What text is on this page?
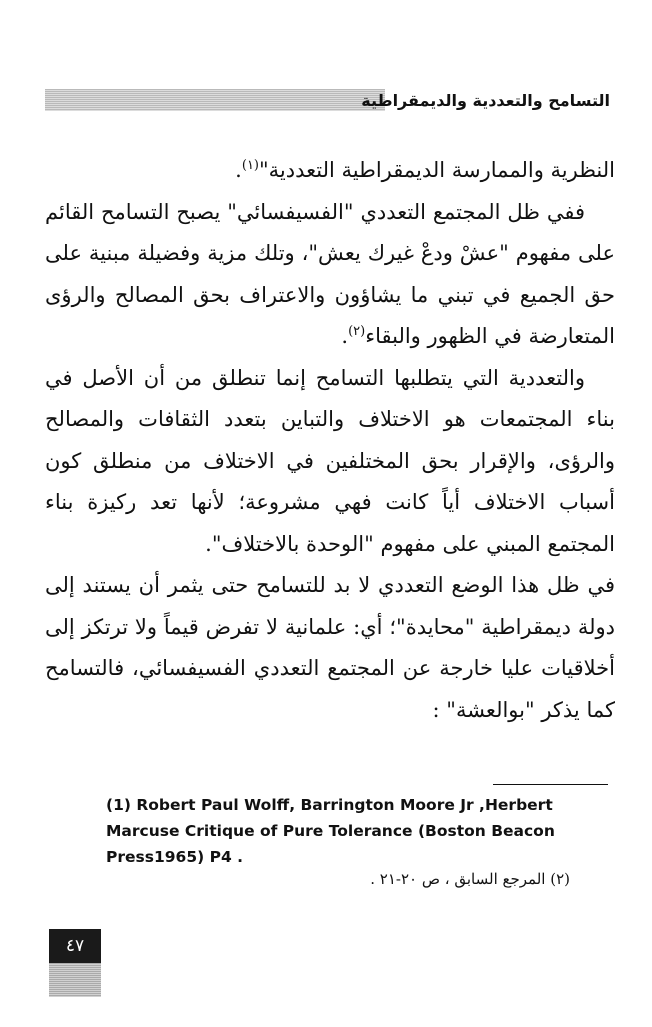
التسامح والتعددية والديمقراطية

النظرية والممارسة الديمقراطية التعددية"$^{(١)}$.

ففي ظل المجتمع التعددي "الفسيفسائي" يصبح التسامح القائم على مفهوم "عشْ ودعْ غيرك يعش"، وتلك مزية وفضيلة مبنية على حق الجميع في تبني ما يشاؤون والاعتراف بحق المصالح والرؤى المتعارضة في الظهور والبقاء$^{(٢)}$.

والتعددية التي يتطلبها التسامح إنما تنطلق من أن الأصل في بناء المجتمعات هو الاختلاف والتباين بتعدد الثقافات والمصالح والرؤى، والإقرار بحق المختلفين في الاختلاف من منطلق كون أسباب الاختلاف أياً كانت فهي مشروعة؛ لأنها تعد ركيزة بناء المجتمع المبني على مفهوم "الوحدة بالاختلاف".

في ظل هذا الوضع التعددي لا بد للتسامح حتى يثمر أن يستند إلى دولة ديمقراطية "محايدة"؛ أي: علمانية لا تفرض قيماً ولا ترتكز إلى أخلاقيات عليا خارجة عن المجتمع التعددي الفسيفسائي، فالتسامح كما يذكر "بوالعشة" :

(1) Robert Paul Wolff, Barrington Moore Jr ,Herbert Marcuse Critique of Pure Tolerance (Boston Beacon Press1965) P4 .
(٢) المرجع السابق ، ص ٢٠-٢١ .
٤٧
